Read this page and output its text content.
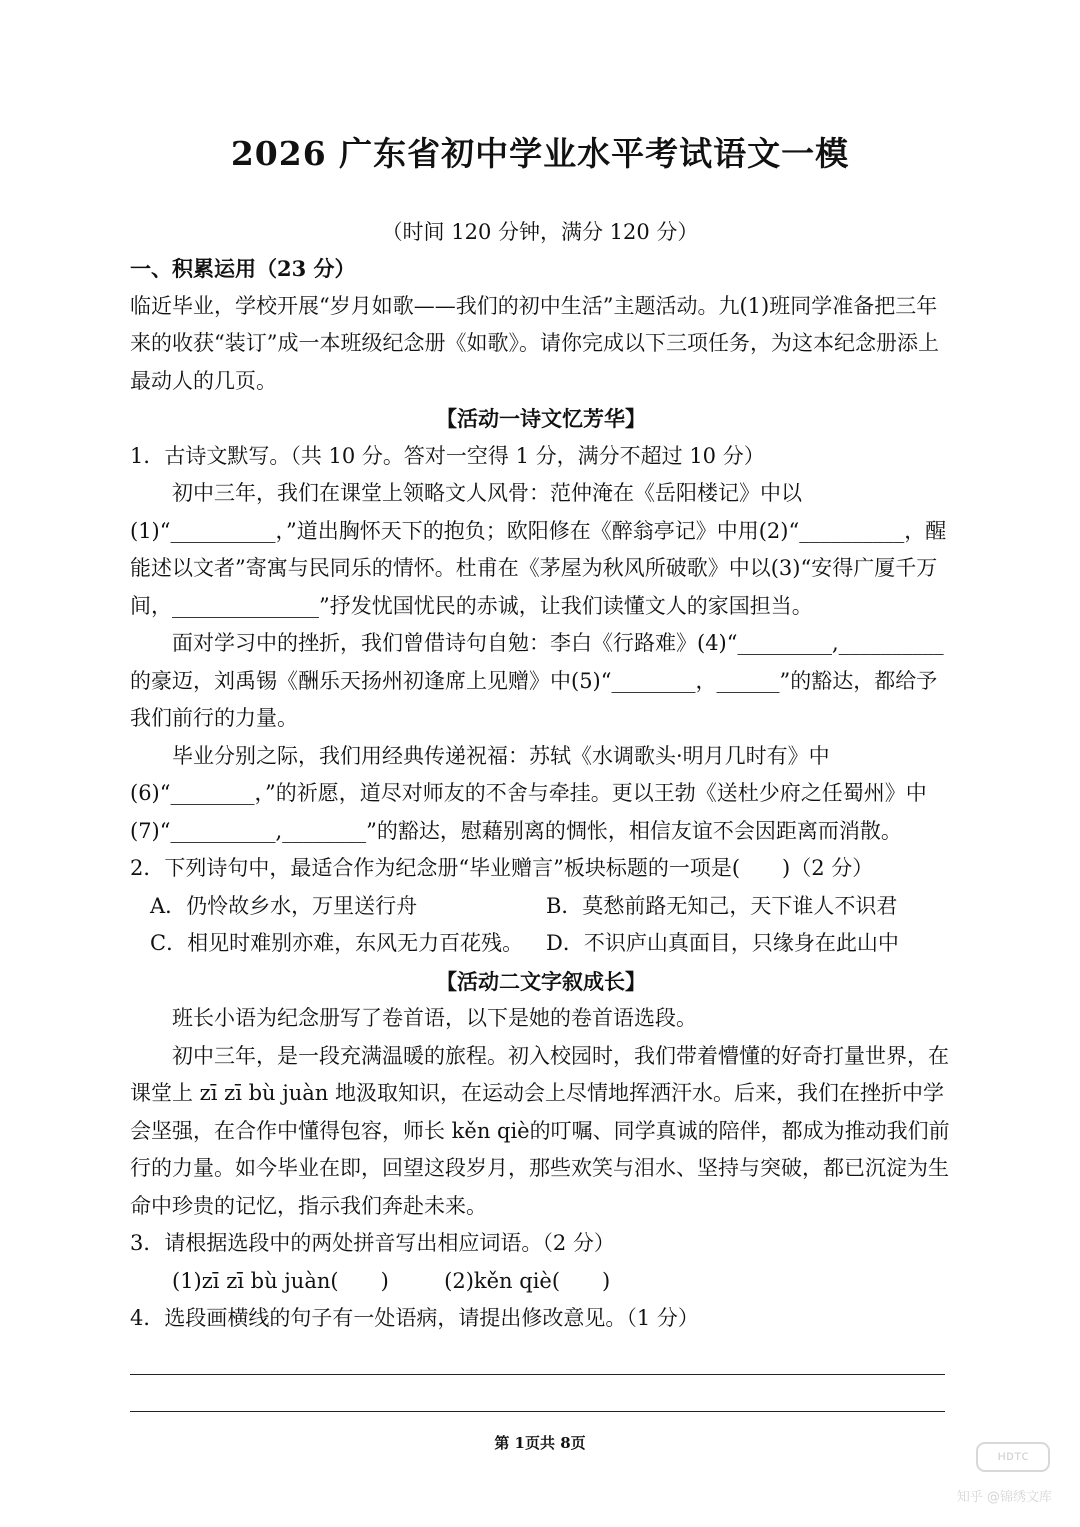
2026 广东省初中学业水平考试语文一模
（时间 120 分钟，满分 120 分）

一、积累运用（23 分）

临近毕业，学校开展“岁月如歌——我们的初中生活”主题活动。九(1)班同学准备把三年来的收获“装订”成一本班级纪念册《如歌》。请你完成以下三项任务，为这本纪念册添上最动人的几页。

【活动一诗文忆芳华】

1．古诗文默写。（共 10 分。答对一空得 1 分，满分不超过 10 分）

初中三年，我们在课堂上领略文人风骨：范仲淹在《岳阳楼记》中以(1)“__________，”道出胸怀天下的抱负；欧阳修在《醉翁亭记》中用(2)“__________，醒能述以文者”寄寓与民同乐的情怀。杜甫在《茅屋为秋风所破歌》中以(3)“安得广厦千万间，______________”抒发忧国忧民的赤诚，让我们读懂文人的家国担当。

面对学习中的挫折，我们曾借诗句自勉：李白《行路难》(4)“_________,__________的豪迈，刘禹锡《酬乐天扬州初逢席上见赠》中(5)“________，______”的豁达，都给予我们前行的力量。

毕业分别之际，我们用经典传递祝福：苏轼《水调歌头·明月几时有》中(6)“________，”的祈愿，道尽对师友的不舍与牵挂。更以王勃《送杜少府之任蜀州》中(7)“__________,________”的豁达，慰藉别离的惆怅，相信友谊不会因距离而消散。

2．下列诗句中，最适合作为纪念册“毕业赠言”板块标题的一项是(　　)（2 分）

A．仍怜故乡水，万里送行舟	B．莫愁前路无知己，天下谁人不识君
C．相见时难别亦难，东风无力百花残。	D．不识庐山真面目，只缘身在此山中

【活动二文字叙成长】

班长小语为纪念册写了卷首语，以下是她的卷首语选段。

初中三年，是一段充满温暖的旅程。初入校园时，我们带着懵懂的好奇打量世界，在课堂上 zī zī bù juàn 地汲取知识，在运动会上尽情地挥洒汗水。后来，我们在挫折中学会坚强，在合作中懂得包容，师长 kěn qiè的叮嘱、同学真诚的陪伴，都成为推动我们前行的力量。如今毕业在即，回望这段岁月，那些欢笑与泪水、坚持与突破，都已沉淀为生命中珍贵的记忆，指示我们奔赴未来。

3．请根据选段中的两处拼音写出相应词语。（2 分）

(1)zī zī bù juàn(　　)	(2)kěn qiè(　　)

4．选段画横线的句子有一处语病，请提出修改意见。（1 分）

第 1页共 8页
ʜᴅᴛᴄ
知乎 @锦绣文库
